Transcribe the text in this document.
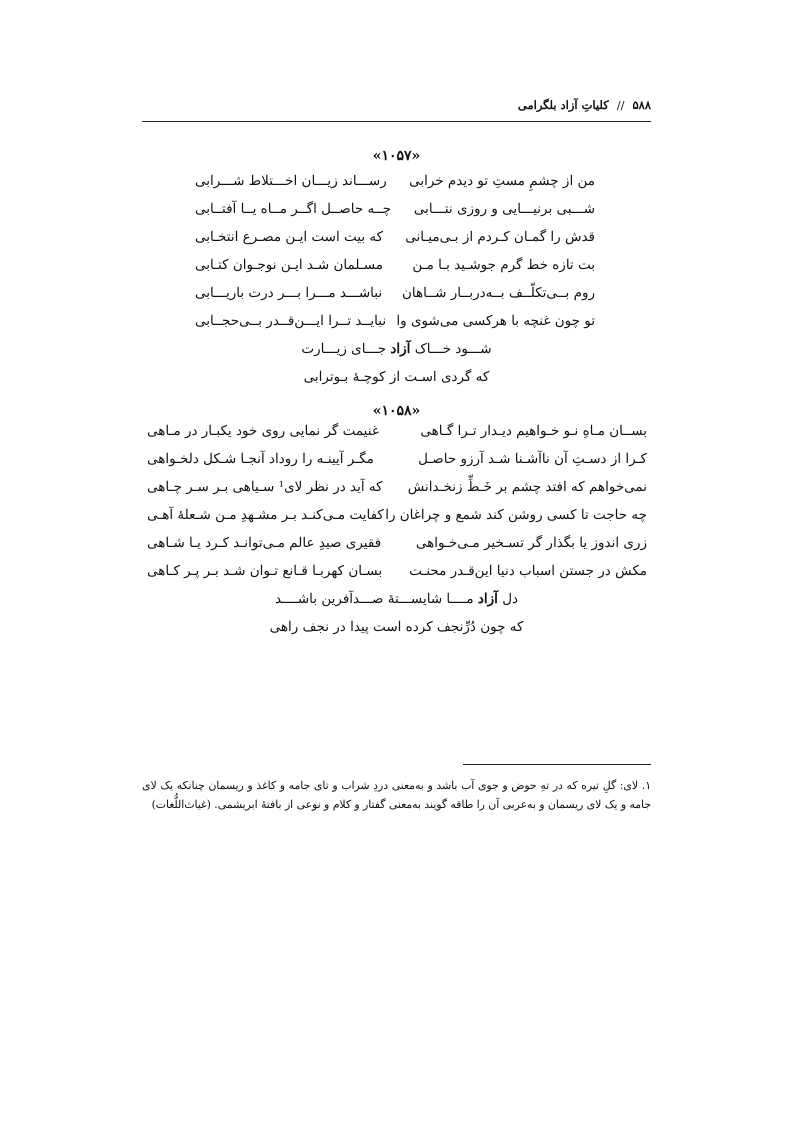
۵۸۸ // کلیاتِ آزاد بلگرامی
«۱۰۵۷»
من از چشمِ مستِ تو دیدم خرابی
رســـاند زیـــان اخـــتلاط شـــرابی
شـــبی برنیـــایی و روزی نتـــابی
چــه حاصــل اگــر مــاه یــا آفتــابی
قدش را گمـان کـردم از بـی‌میـانی
که بیت است ایـن مصـرع انتخـابی
بت تازه خط گرم جوشـید بـا مـن
مسـلمان شـد ایـن نوجـوان کتـابی
روم بــی‌تکلّــف بــه‌دربــار شــاهان
نباشـــد مـــرا بـــر درت باریـــابی
تو چون غنچه با هرکسی می‌شوی وا
نبایــد تــرا ایـــن‌قــدر بــی‌حجــابی
شـــود خـــاک آزاد جـــای زیـــارت
که گردی اسـت از کوچـهٔ بـوترابی
«۱۰۵۸»
بســان مـاهِ نـو خـواهیم دیـدار تـرا گـاهی
غنیمت گر نمایی روی خود یکبـار در مـاهی
کـرا از دسـتِ آن ناآشـنا شـد آرزو حاصـل
مگـر آیینـه را روداد آنجـا شـکل دلخـواهی
نمی‌خواهم که افتد چشم بر خَـطِّ زنخـدانش
که آید در نظر لای¹ سـیاهی بـر سـر چـاهی
چه حاجت تا کسی روشن کند شمع و چراغان را
کفایت مـی‌کنـد بـر مشـهدِ مـن شـعلهٔ آهـی
زری اندوز یا بگذار گر تسـخیر مـی‌خـواهی
فقیری صیدِ عالم مـی‌توانـد کـرد یـا شـاهی
مکش در جستن اسباب دنیا این‌قـدر محنـت
بسـان کهربـا قـانع تـوان شـد بـر پـر کـاهی
دل آزاد مــــا شایســـتهٔ صـــدآفرین باشــــد
که چون دُرِّنجف کرده است پیدا در نجف راهی
۱. لای: گلِ تیره که در تهِ حوض و جوی آب باشد و به‌معنی دردِ شراب و تای جامه و کاغذ و ریسمان چنانکه یک لای جامه و یک لای ریسمان و به‌عربی آن را طاقه گویند به‌معنی گفتار و کلام و نوعی از بافتهٔ ابریشمی. (غیاث‌اللُّغات)
